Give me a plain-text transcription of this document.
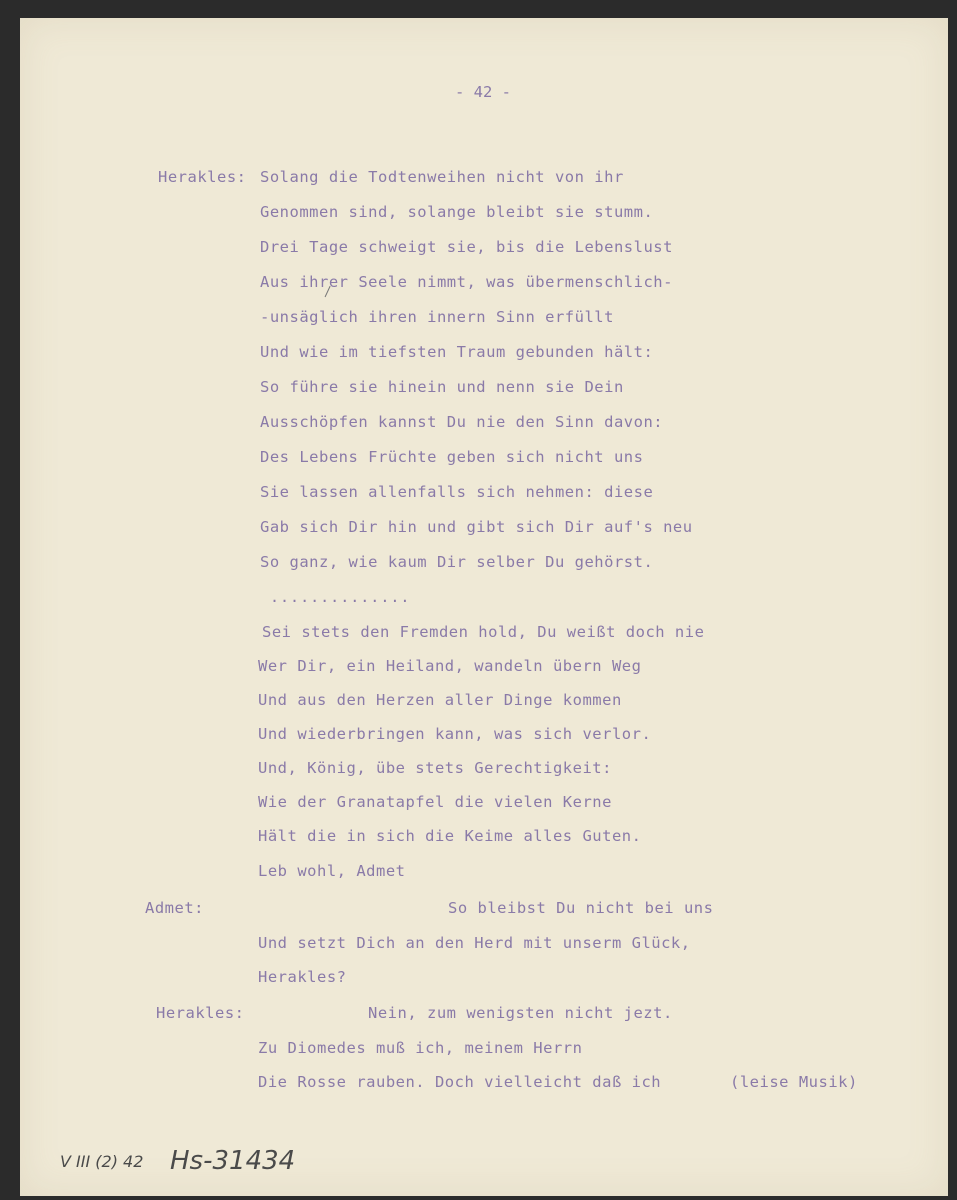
- 42 -
Herakles: Solang die Todtenweihen nicht von ihr
Genommen sind, solange bleibt sie stumm.
Drei Tage schweigt sie, bis die Lebenslust
Aus ihrer Seele nimmt, was übermenschlich-
-unsäglich ihren innern Sinn erfüllt
Und wie im tiefsten Traum gebunden hält:
So führe sie hinein und nenn sie Dein
Ausschöpfen kannst Du nie den Sinn davon:
Des Lebens Früchte geben sich nicht uns
Sie lassen allenfalls sich nehmen: diese
Gab sich Dir hin und gibt sich Dir auf's neu
So ganz, wie kaum Dir selber Du gehörst.
..............
Sei stets den Fremden hold, Du weißt doch nie
Wer Dir, ein Heiland, wandeln übern Weg
Und aus den Herzen aller Dinge kommen
Und wiederbringen kann, was sich verlor.
Und, König, übe stets Gerechtigkeit:
Wie der Granatapfel die vielen Kerne
Hält die in sich die Keime alles Guten.
Leb wohl, Admet
Admet:	So bleibst Du nicht bei uns
Und setzt Dich an den Herd mit unserm Glück,
Herakles?
Herakles:	Nein, zum wenigsten nicht jezt.
Zu Diomedes muß ich, meinem Herrn
Die Rosse rauben. Doch vielleicht daß ich	(leise Musik)
V III (2) 42 Hs-31434
